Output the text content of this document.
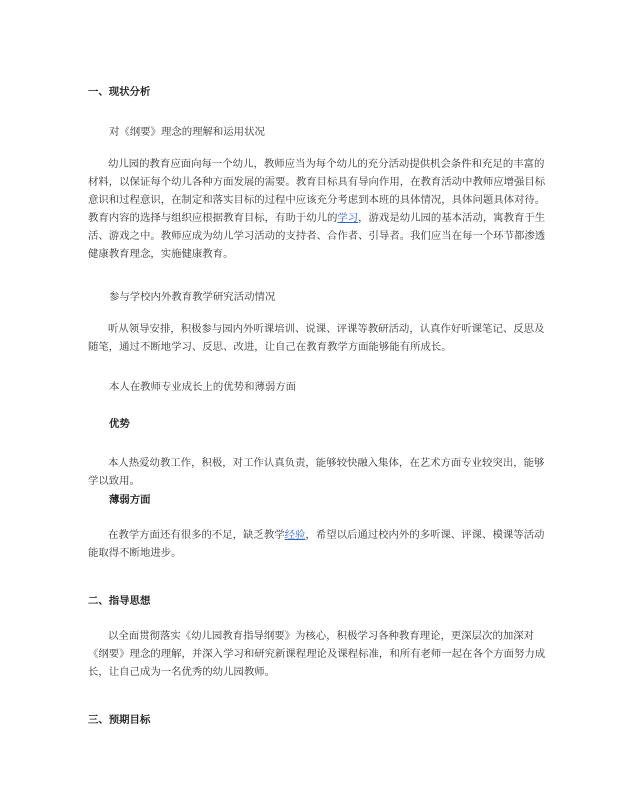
一、现状分析
对《纲要》理念的理解和运用状况

幼儿园的教育应面向每一个幼儿，教师应当为每个幼儿的充分活动提供机会条件和充足的丰富的材料，以保证每个幼儿各种方面发展的需要。教育目标具有导向作用，在教育活动中教师应增强目标意识和过程意识，在制定和落实目标的过程中应该充分考虑到本班的具体情况，具体问题具体对待。教育内容的选择与组织应根据教育目标，有助于幼儿的学习，游戏是幼儿园的基本活动，寓教育于生活、游戏之中。教师应成为幼儿学习活动的支持者、合作者、引导者。我们应当在每一个环节都渗透健康教育理念，实施健康教育。

参与学校内外教育教学研究活动情况

听从领导安排，积极参与园内外听课培训、说课、评课等教研活动，认真作好听课笔记、反思及随笔，通过不断地学习、反思、改进，让自己在教育教学方面能够能有所成长。

本人在教师专业成长上的优势和薄弱方面
优势

本人热爱幼教工作，积极，对工作认真负责，能够较快融入集体，在艺术方面专业较突出，能够学以致用。

薄弱方面

在教学方面还有很多的不足，缺乏教学经验，希望以后通过校内外的多听课、评课、模课等活动能取得不断地进步。

二、指导思想

以全面贯彻落实《幼儿园教育指导纲要》为核心，积极学习各种教育理论，更深层次的加深对《纲要》理念的理解，并深入学习和研究新课程理论及课程标准，和所有老师一起在各个方面努力成长，让自己成为一名优秀的幼儿园教师。

三、预期目标
